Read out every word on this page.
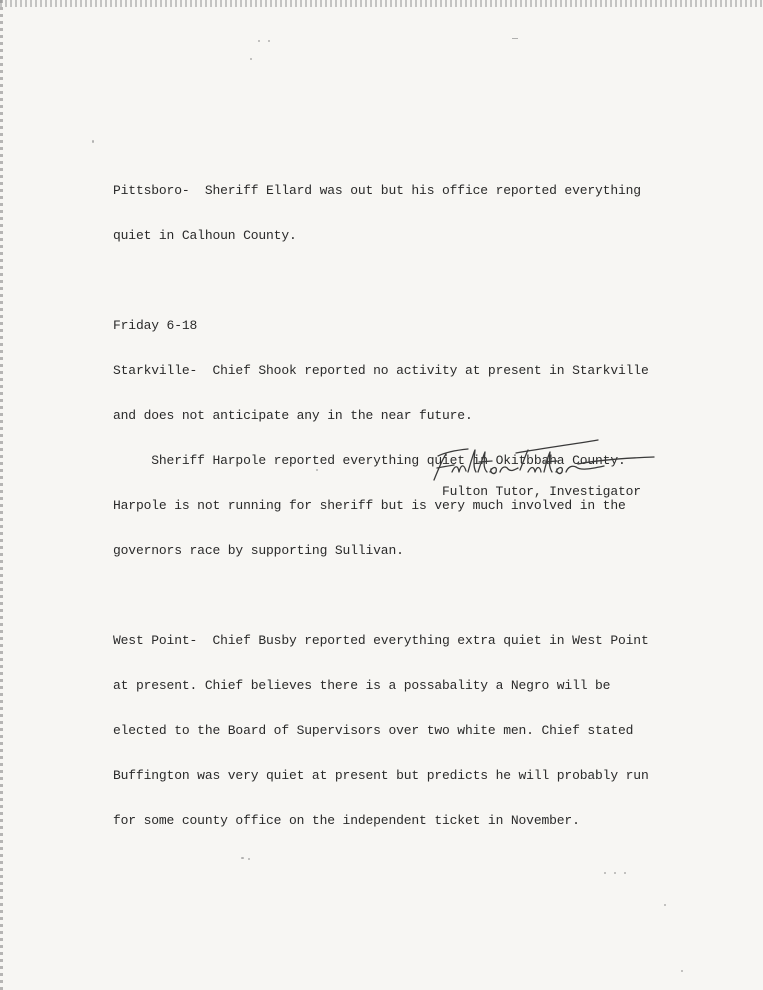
Pittsboro-  Sheriff Ellard was out but his office reported everything

quiet in Calhoun County.

Friday 6-18

Starkville-  Chief Shook reported no activity at present in Starkville

and does not anticipate any in the near future.

Sheriff Harpole reported everything quiet in Okitbbaha County.

Harpole is not running for sheriff but is very much involved in the

governors race by supporting Sullivan.

West Point-  Chief Busby reported everything extra quiet in West Point

at present. Chief believes there is a possabality a Negro will be

elected to the Board of Supervisors over two white men. Chief stated

Buffington was very quiet at present but predicts he will probably run

for some county office on the independent ticket in November.

Fulton Tutor, Investigator
